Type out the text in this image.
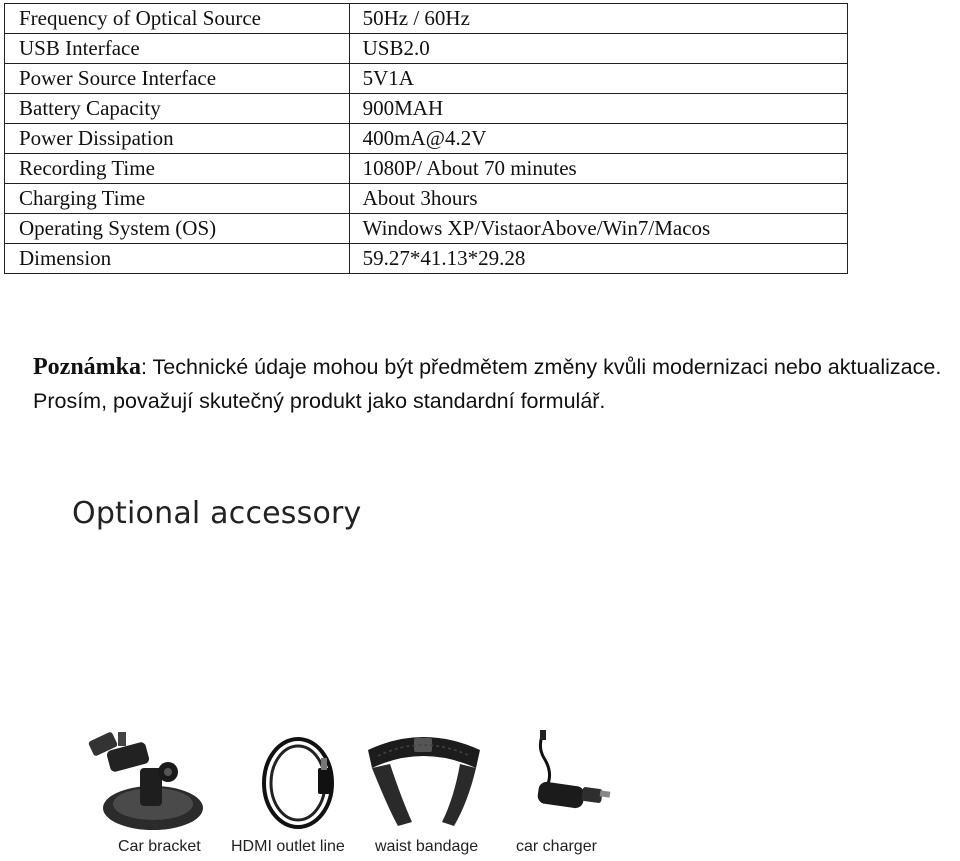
Frequency of Optical Source	50Hz / 60Hz
USB Interface	USB2.0
Power Source Interface	5V1A
Battery Capacity	900MAH
Power Dissipation	400mA@4.2V
Recording Time	1080P/ About 70 minutes
Charging Time	About 3hours
Operating System (OS)	Windows XP/VistaorAbove/Win7/Macos
Dimension	59.27*41.13*29.28
Poznámka: Technické údaje mohou být předmětem změny kvůli modernizaci nebo aktualizace. Prosím, považují skutečný produkt jako standardní formulář.
Optional accessory
Car bracket HDMI outlet line waist bandage car charger
